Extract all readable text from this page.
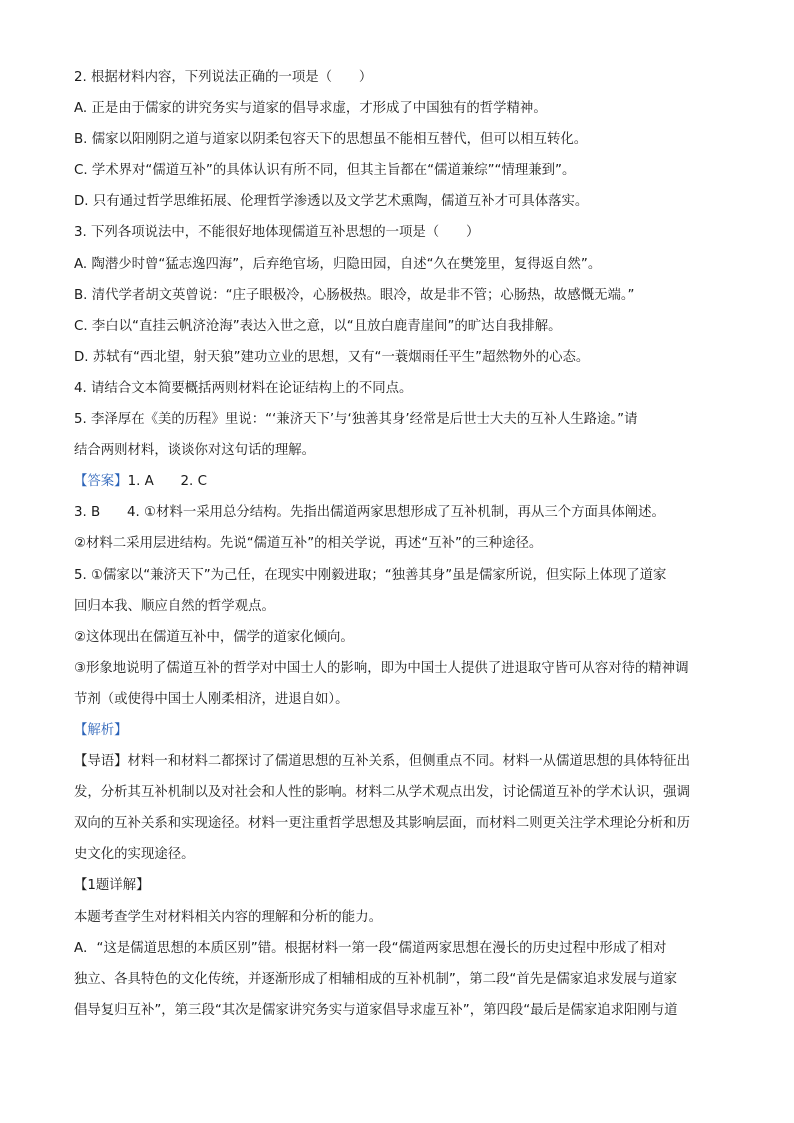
2. 根据材料内容，下列说法正确的一项是（　　）
A. 正是由于儒家的讲究务实与道家的倡导求虚，才形成了中国独有的哲学精神。
B. 儒家以阳刚阴之道与道家以阴柔包容天下的思想虽不能相互替代，但可以相互转化。
C. 学术界对“儒道互补”的具体认识有所不同，但其主旨都在“儒道兼综”“情理兼到”。
D. 只有通过哲学思维拓展、伦理哲学渗透以及文学艺术熏陶，儒道互补才可具体落实。
3. 下列各项说法中，不能很好地体现儒道互补思想的一项是（　　）
A. 陶潜少时曾“猛志逸四海”，后弃绝官场，归隐田园，自述“久在樊笼里，复得返自然”。
B. 清代学者胡文英曾说：“庄子眼极冷，心肠极热。眼冷，故是非不管；心肠热，故感慨无端。”
C. 李白以“直挂云帆济沧海”表达入世之意，以“且放白鹿青崖间”的旷达自我排解。
D. 苏轼有“西北望，射天狼”建功立业的思想，又有“一蓑烟雨任平生”超然物外的心态。
4. 请结合文本简要概括两则材料在论证结构上的不同点。
5. 李泽厚在《美的历程》里说：“‘兼济天下’与‘独善其身’经常是后世士大夫的互补人生路途。”请
结合两则材料，谈谈你对这句话的理解。
【答案】1. A　　2. C
3. B　　4. ①材料一采用总分结构。先指出儒道两家思想形成了互补机制，再从三个方面具体阐述。
②材料二采用层进结构。先说“儒道互补”的相关学说，再述“互补”的三种途径。
5. ①儒家以“兼济天下”为己任，在现实中刚毅进取；“独善其身”虽是儒家所说，但实际上体现了道家
回归本我、顺应自然的哲学观点。
②这体现出在儒道互补中，儒学的道家化倾向。
③形象地说明了儒道互补的哲学对中国士人的影响，即为中国士人提供了进退取守皆可从容对待的精神调
节剂（或使得中国士人刚柔相济，进退自如）。
【解析】
【导语】材料一和材料二都探讨了儒道思想的互补关系，但侧重点不同。材料一从儒道思想的具体特征出
发，分析其互补机制以及对社会和人性的影响。材料二从学术观点出发，讨论儒道互补的学术认识，强调
双向的互补关系和实现途径。材料一更注重哲学思想及其影响层面，而材料二则更关注学术理论分析和历
史文化的实现途径。
【1题详解】
本题考查学生对材料相关内容的理解和分析的能力。
A．“这是儒道思想的本质区别”错。根据材料一第一段“儒道两家思想在漫长的历史过程中形成了相对
独立、各具特色的文化传统，并逐渐形成了相辅相成的互补机制”，第二段“首先是儒家追求发展与道家
倡导复归互补”，第三段“其次是儒家讲究务实与道家倡导求虚互补”，第四段“最后是儒家追求阳刚与道
